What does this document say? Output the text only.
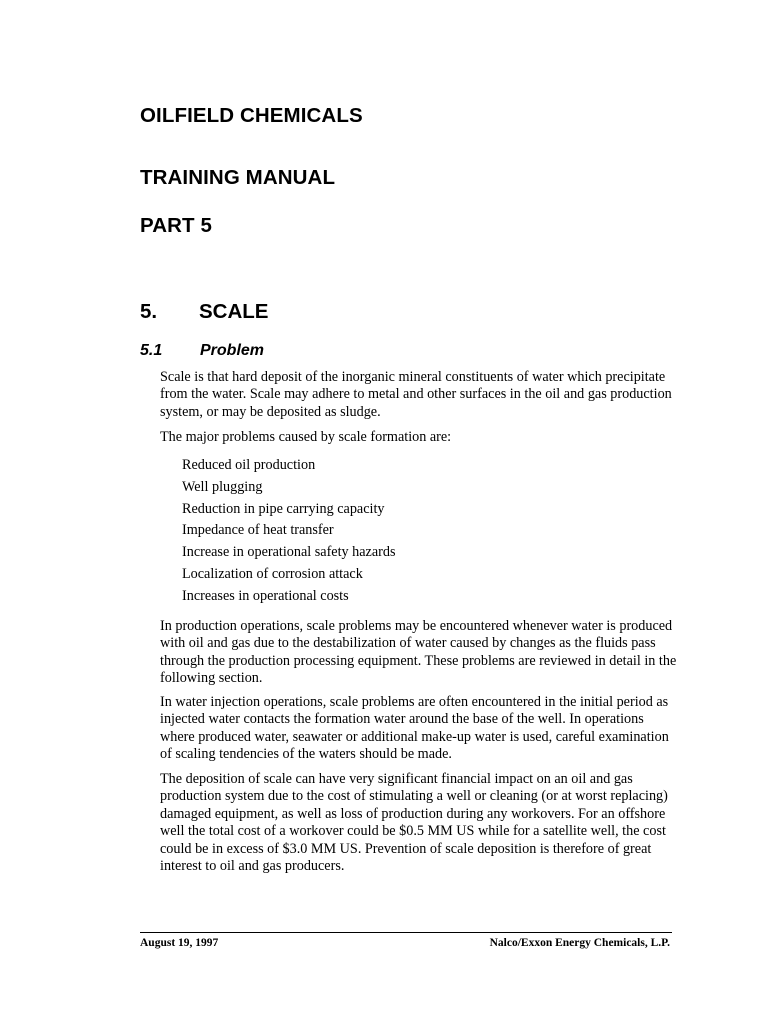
OILFIELD CHEMICALS
TRAINING MANUAL
PART 5
5. SCALE
5.1 Problem
Scale is that hard deposit of the inorganic mineral constituents of water which precipitate from the water. Scale may adhere to metal and other surfaces in the oil and gas production system, or may be deposited as sludge.
The major problems caused by scale formation are:
Reduced oil production
Well plugging
Reduction in pipe carrying capacity
Impedance of heat transfer
Increase in operational safety hazards
Localization of corrosion attack
Increases in operational costs
In production operations, scale problems may be encountered whenever water is produced with oil and gas due to the destabilization of water caused by changes as the fluids pass through the production processing equipment. These problems are reviewed in detail in the following section.
In water injection operations, scale problems are often encountered in the initial period as injected water contacts the formation water around the base of the well. In operations where produced water, seawater or additional make-up water is used, careful examination of scaling tendencies of the waters should be made.
The deposition of scale can have very significant financial impact on an oil and gas production system due to the cost of stimulating a well or cleaning (or at worst replacing) damaged equipment, as well as loss of production during any workovers. For an offshore well the total cost of a workover could be $0.5 MM US while for a satellite well, the cost could be in excess of $3.0 MM US. Prevention of scale deposition is therefore of great interest to oil and gas producers.
August 19, 1997	Nalco/Exxon Energy Chemicals, L.P.
